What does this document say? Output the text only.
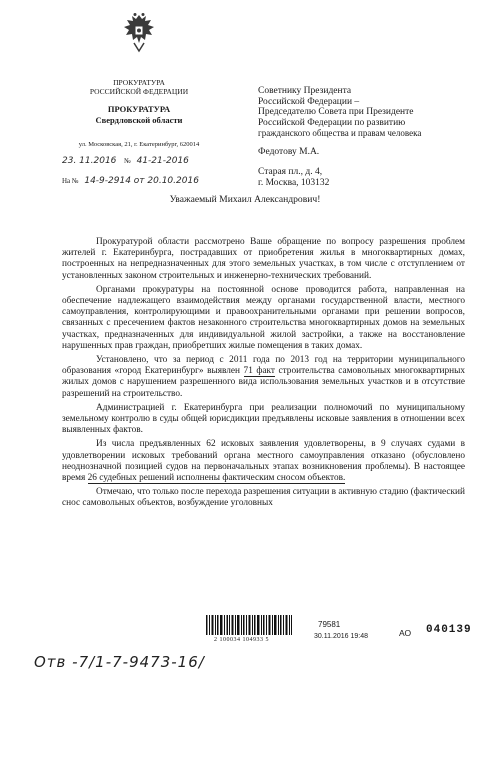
ПРОКУРАТУРА
РОССИЙСКОЙ ФЕДЕРАЦИИ
ПРОКУРАТУРА
Свердловской области
ул. Московская, 21, г. Екатеринбург, 620014
23. 11.2016 № 41-21-2016
На № 14-9-2914 от 20.10.2016
Советнику Президента
Российской Федерации –
Председателю Совета при Президенте
Российской Федерации по развитию
гражданского общества и правам человека
Федотову М.А.
Старая пл., д. 4,
г. Москва, 103132
Уважаемый Михаил Александрович!

Прокуратурой области рассмотрено Ваше обращение по вопросу разрешения проблем жителей г. Екатеринбурга, пострадавших от приобретения жилья в многоквартирных домах, построенных на непредназначенных для этого земельных участках, в том числе с отступлением от установленных законом строительных и инженерно-технических требований.

Органами прокуратуры на постоянной основе проводится работа, направленная на обеспечение надлежащего взаимодействия между органами государственной власти, местного самоуправления, контролирующими и правоохранительными органами при решении вопросов, связанных с пресечением фактов незаконного строительства многоквартирных домов на земельных участках, предназначенных для индивидуальной жилой застройки, а также на восстановление нарушенных прав граждан, приобретших жилые помещения в таких домах.

Установлено, что за период с 2011 года по 2013 год на территории муниципального образования «город Екатеринбург» выявлен 71 факт строительства самовольных многоквартирных жилых домов с нарушением разрешенного вида использования земельных участков и в отсутствие разрешений на строительство.

Администрацией г. Екатеринбурга при реализации полномочий по муниципальному земельному контролю в суды общей юрисдикции предъявлены исковые заявления в отношении всех выявленных фактов.

Из числа предъявленных 62 исковых заявления удовлетворены, в 9 случаях судами в удовлетворении исковых требований органа местного самоуправления отказано (обусловлено неоднозначной позицией судов на первоначальных этапах возникновения проблемы). В настоящее время 26 судебных решений исполнены фактическим сносом объектов.

Отмечаю, что только после перехода разрешения ситуации в активную стадию (фактический снос самовольных объектов, возбуждение уголовных

2 100034 104933 5
79581
30.11.2016 19:48	АО 040139
Отв -7/1-7-9473-16/
